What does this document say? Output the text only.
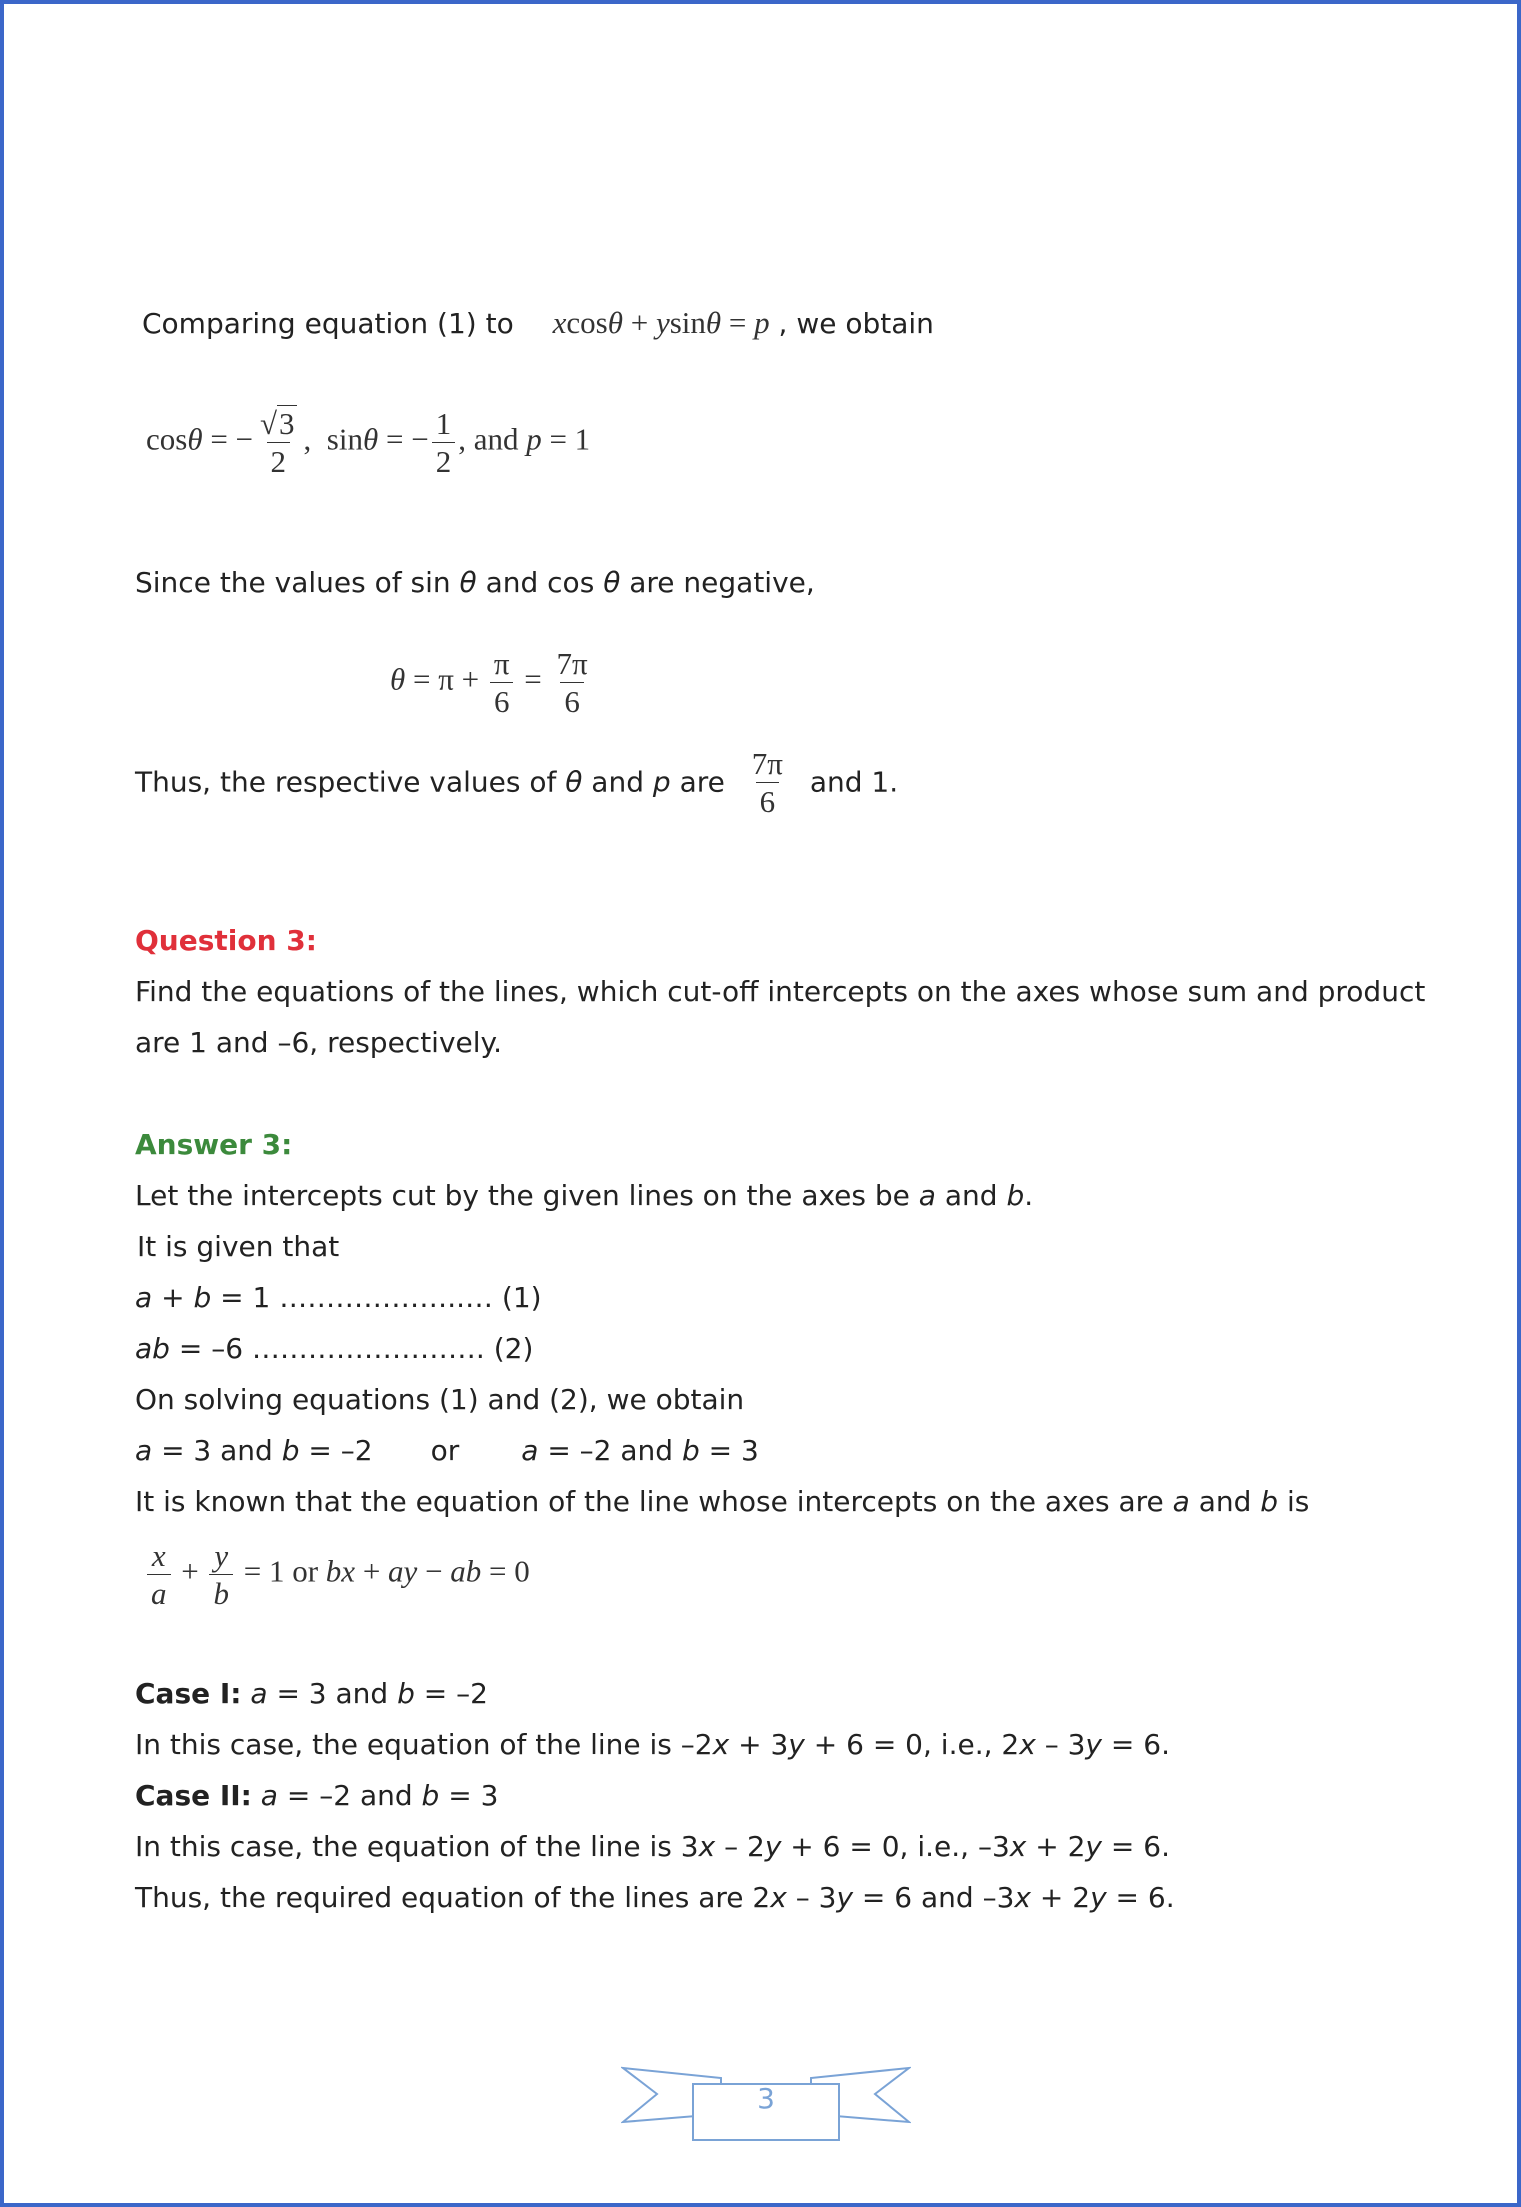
Comparing equation (1) to xcosθ + ysinθ = p , we obtain
cosθ = − $\frac{√3}{2}$ , sinθ = − $\frac{1}{2}$ , and p = 1
Since the values of sin θ and cos θ are negative,
$\theta = \pi + \frac{\pi}{6} = \frac{7\pi}{6}$
Thus, the respective values of θ and p are $\frac{7\pi}{6}$ and 1.
Question 3:
Find the equations of the lines, which cut-off intercepts on the axes whose sum and product
are 1 and –6, respectively.
Answer 3:
Let the intercepts cut by the given lines on the axes be a and b.
It is given that
a + b = 1 ………………..… (1)
ab = –6 ……………………. (2)
On solving equations (1) and (2), we obtain
a = 3 and b = –2 or a = –2 and b = 3
It is known that the equation of the line whose intercepts on the axes are a and b is
$\frac{x}{a} + \frac{y}{b} = 1$ or bx + ay − ab = 0
Case I: a = 3 and b = –2
In this case, the equation of the line is –2x + 3y + 6 = 0, i.e., 2x – 3y = 6.
Case II: a = –2 and b = 3
In this case, the equation of the line is 3x – 2y + 6 = 0, i.e., –3x + 2y = 6.
Thus, the required equation of the lines are 2x – 3y = 6 and –3x + 2y = 6.
3
